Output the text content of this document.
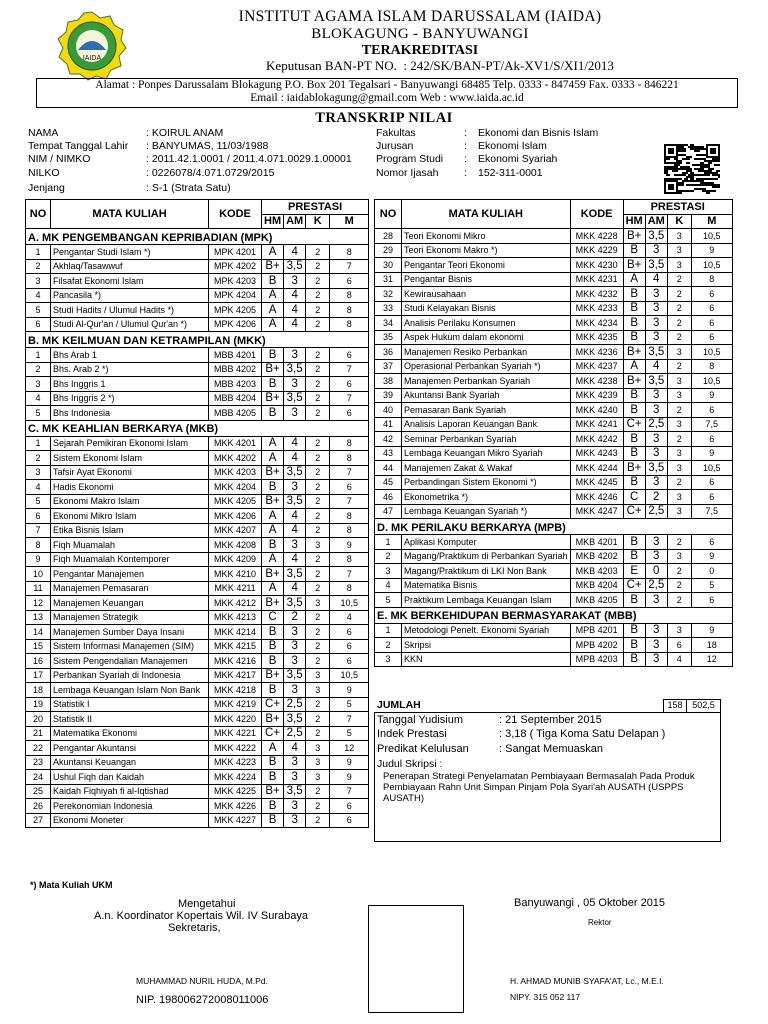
IAIDA
INSTITUT AGAMA ISLAM DARUSSALAM (IAIDA)
BLOKAGUNG - BANYUWANGI
TERAKREDITASI
Keputusan BAN-PT NO. : 242/SK/BAN-PT/Ak-XV1/S/XI1/2013
Alamat : Ponpes Darussalam Blokagung P.O. Box 201 Tegalsari - Banyuwangi 68485 Telp. 0333 - 847459 Fax. 0333 - 846221
Email : iaidablokagung@gmail.com Web : www.iaida.ac.id
TRANSKRIP NILAI
NAMA	: KOIRUL ANAM
Tempat Tanggal Lahir : BANYUMAS, 11/03/1988
NIM / NIMKO	: 2011.42.1.0001 / 2011.4.071.0029.1.00001
NILKO	: 0226078/4.071.0729/2015
Jenjang	: S-1 (Strata Satu)
Fakultas	: Ekonomi dan Bisnis Islam
Jurusan	: Ekonomi Islam
Program Studi : Ekonomi Syariah
Nomor Ijasah : 152-311-0001
NO	MATA KULIAH	KODE	PRESTASI			
			HM	AM	K	M
A. MK PENGEMBANGAN KEPRIBADIAN (MPK)						
1	Pengantar Studi Islam *)	MPK 4201	A	4	2	8
2	Akhlaq/Tasawwuf	MPK 4202	B+	3,5	2	7
3	Filsafat Ekonomi Islam	MPK 4203	B	3	2	6
4	Pancasila *)	MPK 4204	A	4	2	8
5	Studi Hadits / Ulumul Hadits *)	MPK 4205	A	4	2	8
6	Studi Al-Qur'an / Ulumul Qur'an *)	MPK 4206	A	4	2	8
B. MK KEILMUAN DAN KETRAMPILAN (MKK)						
1	Bhs Arab 1	MBB 4201	B	3	2	6
2	Bhs. Arab 2 *)	MBB 4202	B+	3,5	2	7
3	Bhs Inggris 1	MBB 4203	B	3	2	6
4	Bhs Inggris 2 *)	MBB 4204	B+	3,5	2	7
5	Bhs Indonesia	MBB 4205	B	3	2	6
C. MK KEAHLIAN BERKARYA (MKB)						
1	Sejarah Pemikiran Ekonomi Islam	MKK 4201	A	4	2	8
2	Sistem Ekonomi Islam	MKK 4202	A	4	2	8
3	Tafsir Ayat Ekonomi	MKK 4203	B+	3,5	2	7
4	Hadis Ekonomi	MKK 4204	B	3	2	6
5	Ekonomi Makro Islam	MKK 4205	B+	3,5	2	7
6	Ekonomi Mikro Islam	MKK 4206	A	4	2	8
7	Etika Bisnis Islam	MKK 4207	A	4	2	8
8	Fiqh Muamalah	MKK 4208	B	3	3	9
9	Fiqh Muamalah Kontemporer	MKK 4209	A	4	2	8
10	Pengantar Manajemen	MKK 4210	B+	3,5	2	7
11	Manajemen Pemasaran	MKK 4211	A	4	2	8
12	Manajemen Keuangan	MKK 4212	B+	3,5	3	10,5
13	Manajemen Strategik	MKK 4213	C	2	2	4
14	Manajemen Sumber Daya Insani	MKK 4214	B	3	2	6
15	Sistem Informasi Manajemen (SIM)	MKK 4215	B	3	2	6
16	Sistem Pengendalian Manajemen	MKK 4216	B	3	2	6
17	Perbankan Syariah di Indonesia	MKK 4217	B+	3,5	3	10,5
18	Lembaga Keuangan Islam Non Bank	MKK 4218	B	3	3	9
19	Statistik I	MKK 4219	C+	2,5	2	5
20	Statistik II	MKK 4220	B+	3,5	2	7
21	Matematika Ekonomi	MKK 4221	C+	2,5	2	5
22	Pengantar Akuntansi	MKK 4222	A	4	3	12
23	Akuntansi Keuangan	MKK 4223	B	3	3	9
24	Ushul Fiqh dan Kaidah	MKK 4224	B	3	3	9
25	Kaidah Fiqhiyah fi al-Iqtishad	MKK 4225	B+	3,5	2	7
26	Perekonomian Indonesia	MKK 4226	B	3	2	6
27	Ekonomi Moneter	MKK 4227	B	3	2	6
NO	MATA KULIAH	KODE	PRESTASI			
			HM	AM	K	M
28	Teori Ekonomi Mikro	MKK 4228	B+	3,5	3	10,5
29	Teori Ekonomi Makro *)	MKK 4229	B	3	3	9
30	Pengantar Teori Ekonomi	MKK 4230	B+	3,5	3	10,5
31	Pengantar Bisnis	MKK 4231	A	4	2	8
32	Kewirausahaan	MKK 4232	B	3	2	6
33	Studi Kelayakan Bisnis	MKK 4233	B	3	2	6
34	Analisis Perilaku Konsumen	MKK 4234	B	3	2	6
35	Aspek Hukum dalam ekonomi	MKK 4235	B	3	2	6
36	Manajemen Resiko Perbankan	MKK 4236	B+	3,5	3	10,5
37	Operasional Perbankan Syariah *)	MKK 4237	A	4	2	8
38	Manajemen Perbankan Syariah	MKK 4238	B+	3,5	3	10,5
39	Akuntansi Bank Syariah	MKK 4239	B	3	3	9
40	Pemasaran Bank Syariah	MKK 4240	B	3	2	6
41	Analisis Laporan Keuangan Bank	MKK 4241	C+	2,5	3	7,5
42	Seminar Perbankan Syariah	MKK 4242	B	3	2	6
43	Lembaga Keuangan Mikro Syariah	MKK 4243	B	3	3	9
44	Manajemen Zakat & Wakaf	MKK 4244	B+	3,5	3	10,5
45	Perbandingan Sistem Ekonomi *)	MKK 4245	B	3	2	6
46	Ekonometrika *)	MKK 4246	C	2	3	6
47	Lembaga Keuangan Syariah *)	MKK 4247	C+	2,5	3	7,5
D. MK PERILAKU BERKARYA (MPB)						
1	Aplikasi Komputer	MKB 4201	B	3	2	6
2	Magang/Praktikum di Perbankan Syariah	MKB 4202	B	3	3	9
3	Magang/Praktikum di LKI Non Bank	MKB 4203	E	0	2	0
4	Matematika Bisnis	MKB 4204	C+	2,5	2	5
5	Praktikum Lembaga Keuangan Islam	MKB 4205	B	3	2	6
E. MK BERKEHIDUPAN BERMASYARAKAT (MBB)						
1	Metodologi Penelt. Ekonomi Syariah	MPB 4201	B	3	3	9
2	Skripsi	MPB 4202	B	3	6	18
3	KKN	MPB 4203	B	3	4	12
JUMLAH	158	502,5
Tanggal Yudisium	: 21 September 2015
Indek Prestasi	: 3,18 ( Tiga Koma Satu Delapan )
Predikat Kelulusan	: Sangat Memuaskan
Judul Skripsi :
Penerapan Strategi Penyelamatan Pembiayaan Bermasalah Pada Produk Pembiayaan Rahn Unit Simpan Pinjam Pola Syari'ah AUSATH (USPPS AUSATH)
*) Mata Kuliah UKM
Mengetahui
A.n. Koordinator Kopertais Wil. IV Surabaya
Sekretaris,
MUHAMMAD NURIL HUDA, M.Pd.
NIP. 198006272008011006
Banyuwangi , 05 Oktober 2015
Rektor
H. AHMAD MUNIB SYAFA'AT, Lc., M.E.I.
NIPY. 315 052 117
